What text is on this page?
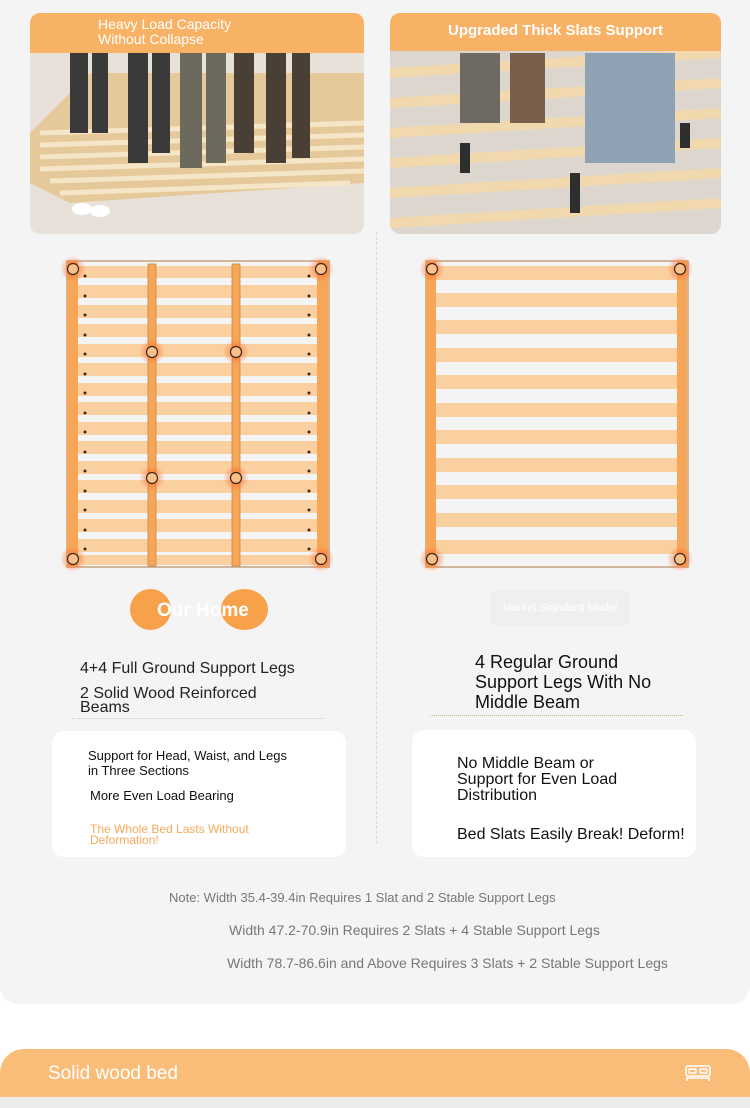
Heavy Load Capacity
Without Collapse	Upgraded Thick Slats Support
Our Home	Market Standard Model
4+4 Full Ground Support Legs
2 Solid Wood Reinforced Beams
4 Regular Ground Support Legs With No Middle Beam
Support for Head, Waist, and Legs in Three Sections
More Even Load Bearing
The Whole Bed Lasts Without Deformation!
No Middle Beam or Support for Even Load Distribution
Bed Slats Easily Break! Deform!
Note: Width 35.4-39.4in Requires 1 Slat and 2 Stable Support Legs
Width 47.2-70.9in Requires 2 Slats + 4 Stable Support Legs
Width 78.7-86.6in and Above Requires 3 Slats + 2 Stable Support Legs
Solid wood bed
